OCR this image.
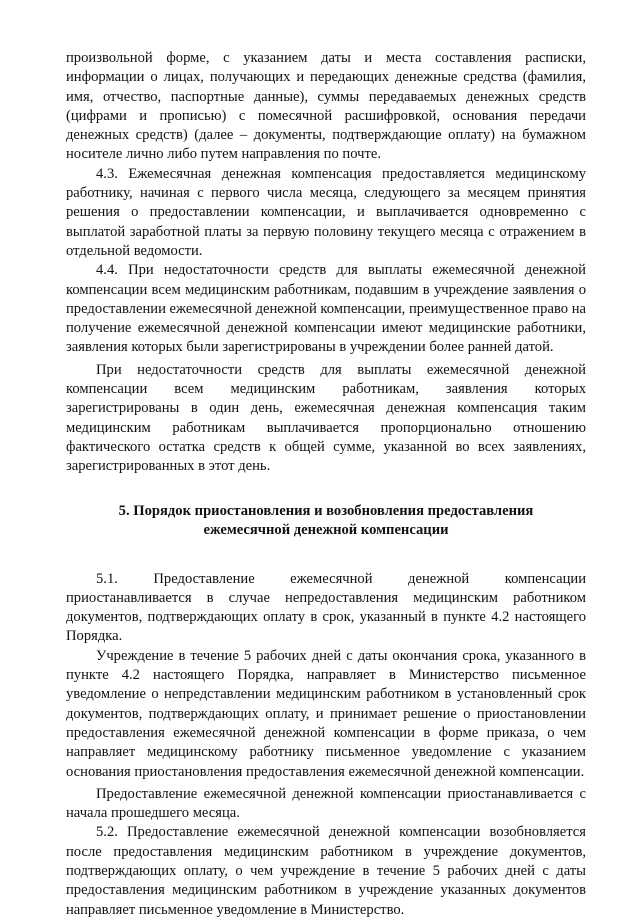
произвольной форме, с указанием даты и места составления расписки, информации о лицах, получающих и передающих денежные средства (фамилия, имя, отчество, паспортные данные), суммы передаваемых денежных средств (цифрами и прописью) с помесячной расшифровкой, основания передачи денежных средств) (далее – документы, подтверждающие оплату) на бумажном носителе лично либо путем направления по почте.

4.3. Ежемесячная денежная компенсация предоставляется медицинскому работнику, начиная с первого числа месяца, следующего за месяцем принятия решения о предоставлении компенсации, и выплачивается одновременно с выплатой заработной платы за первую половину текущего месяца с отражением в отдельной ведомости.

4.4. При недостаточности средств для выплаты ежемесячной денежной компенсации всем медицинским работникам, подавшим в учреждение заявления о предоставлении ежемесячной денежной компенсации, преимущественное право на получение ежемесячной денежной компенсации имеют медицинские работники, заявления которых были зарегистрированы в учреждении более ранней датой.

При недостаточности средств для выплаты ежемесячной денежной компенсации всем медицинским работникам, заявления которых зарегистрированы в один день, ежемесячная денежная компенсация таким медицинским работникам выплачивается пропорционально отношению фактического остатка средств к общей сумме, указанной во всех заявлениях, зарегистрированных в этот день.

5. Порядок приостановления и возобновления предоставления
ежемесячной денежной компенсации

5.1. Предоставление ежемесячной денежной компенсации приостанавливается в случае непредоставления медицинским работником документов, подтверждающих оплату в срок, указанный в пункте 4.2 настоящего Порядка.

Учреждение в течение 5 рабочих дней с даты окончания срока, указанного в пункте 4.2 настоящего Порядка, направляет в Министерство письменное уведомление о непредставлении медицинским работником в установленный срок документов, подтверждающих оплату, и принимает решение о приостановлении предоставления ежемесячной денежной компенсации в форме приказа, о чем направляет медицинскому работнику письменное уведомление с указанием основания приостановления предоставления ежемесячной денежной компенсации.

Предоставление ежемесячной денежной компенсации приостанавливается с начала прошедшего месяца.

5.2. Предоставление ежемесячной денежной компенсации возобновляется после предоставления медицинским работником в учреждение документов, подтверждающих оплату, о чем учреждение в течение 5 рабочих дней с даты предоставления медицинским работником в учреждение указанных документов направляет письменное уведомление в Министерство.
